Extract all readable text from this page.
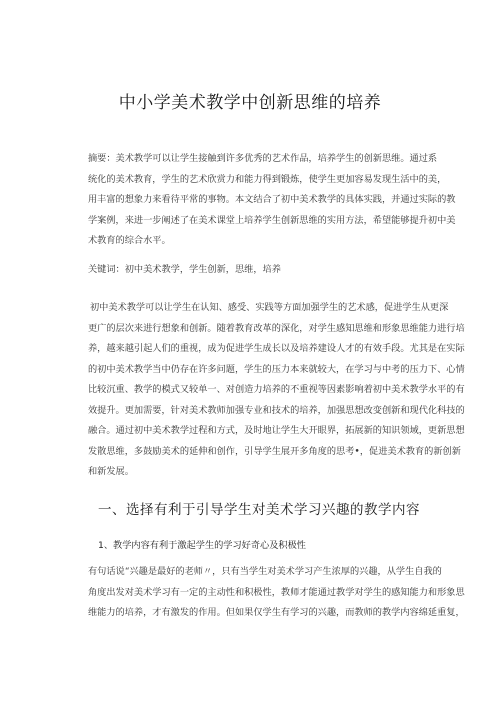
中小学美术教学中创新思维的培养
摘要：美术教学可以让学生接触到许多优秀的艺术作品，培养学生的创新思维。通过系
统化的美术教育，学生的艺术欣赏力和能力得到锻炼，使学生更加容易发现生活中的美，
用丰富的想象力来看待平常的事物。本文结合了初中美术教学的具体实践，并通过实际的教
学案例，来进一步阐述了在美术课堂上培养学生创新思维的实用方法，希望能够提升初中美
术教育的综合水平。
关键词：初中美术教学，学生创新，思维，培养
初中美术教学可以让学生在认知、感受、实践等方面加强学生的艺术感，促进学生从更深
更广的层次来进行想象和创新。随着教育改革的深化，对学生感知思维和形象思维能力进行培
养，越来越引起人们的重视，成为促进学生成长以及培养建设人才的有效手段。尤其是在实际
的初中美术教学当中仍存在许多问题，学生的压力本来就较大，在学习与中考的压力下、心情
比较沉重、教学的模式又较单一、对创造力培养的不重视等因素影响着初中美术教学水平的有
效提升。更加需要，针对美术教师加强专业和技术的培养，加强思想改变创新和现代化科技的
融合。通过初中美术教学过程和方式，及时地让学生大开眼界，拓展新的知识领域，更新思想
发散思维，多鼓励美术的延伸和创作，引导学生展开多角度的思考•，促进美术教育的新创新
和新发展。
一、选择有利于引导学生对美术学习兴趣的教学内容
1、教学内容有利于激起学生的学习好奇心及积极性
有句话说“兴趣是最好的老师〃，只有当学生对美术学习产生浓厚的兴趣，从学生自我的
角度出发对美术学习有一定的主动性和积极性，教师才能通过教学对学生的感知能力和形象思
维能力的培养，才有激发的作用。但如果仅学生有学习的兴趣，而教师的教学内容绵延重复，
